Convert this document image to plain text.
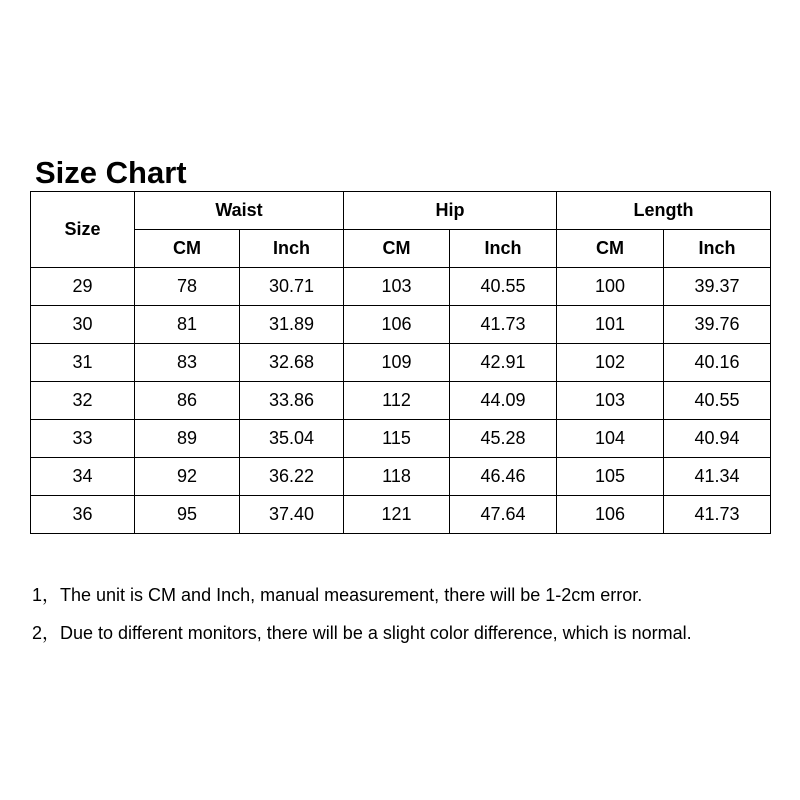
Size Chart
Size	Waist		Hip		Length	
	CM	Inch	CM	Inch	CM	Inch
29	78	30.71	103	40.55	100	39.37
30	81	31.89	106	41.73	101	39.76
31	83	32.68	109	42.91	102	40.16
32	86	33.86	112	44.09	103	40.55
33	89	35.04	115	45.28	104	40.94
34	92	36.22	118	46.46	105	41.34
36	95	37.40	121	47.64	106	41.73
1，The unit is CM and Inch, manual measurement, there will be 1-2cm error.
2，Due to different monitors, there will be a slight color difference, which is normal.
